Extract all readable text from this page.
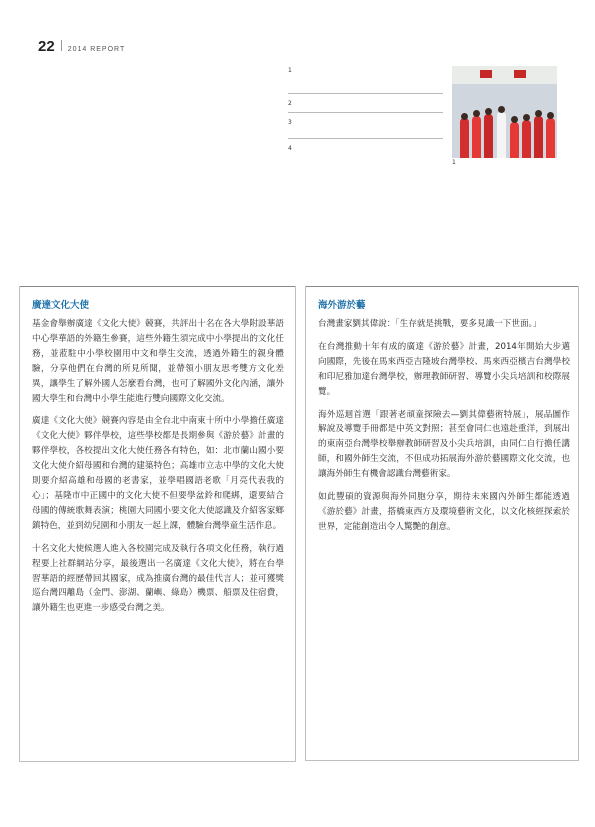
22 2014 REPORT
1
2
3
4
1
廣達文化大使

基金會舉辦廣達《文化大使》競賽，共評出十名在各大學附設華語中心學華語的外籍生參賽，這些外籍生須完成中小學提出的文化任務，並蒞駐中小學校園用中文和學生交流，透過外籍生的親身體驗，分享他們在台灣的所見所聞，並帶領小朋友思考雙方文化差異，讓學生了解外國人怎麼看台灣，也可了解國外文化內涵，讓外國大學生和台灣中小學生能進行雙向國際文化交流。

廣達《文化大使》競賽內容是由全台北中南東十所中小學擔任廣達《文化大使》夥伴學校，這些學校都是長期參與《游於藝》計畫的夥伴學校，各校提出文化大使任務各有特色，如：北市蘭山國小要文化大使介紹母國和台灣的建築特色；高雄市立志中學的文化大使則要介紹高雄和母國的老書家，並學唱國語老歌「月亮代表我的心」；基隆市中正國中的文化大使不但要學盆鈴和爬綁，還要結合母國的傳統歌舞表演；桃園大同國小要文化大使認識及介紹客家鄉鎮特色，並到幼兒園和小朋友一起上課，體驗台灣學童生活作息。

十名文化大使候選人進入各校園完成及執行各項文化任務，執行過程要上社群網站分享，最後選出一名廣達《文化大使》，將在台學習華語的經歷帶回其國家，成為推廣台灣的最佳代言人；並可獲獎巡台灣四離島（金門、澎湖、蘭嶼、綠島）機票、船票及住宿費，讓外籍生也更進一步感受台灣之美。

海外游於藝

台灣畫家劉其偉說：「生存就是挑戰，要多見識一下世面。」

在台灣推動十年有成的廣達《游於藝》計畫，2014年開始大步邁向國際，先後在馬來西亞吉隆坡台灣學校、馬來西亞檳吉台灣學校和印尼雅加達台灣學校，辦理教師研習、導覽小尖兵培訓和校際展覽。

海外巡迴首選「跟著老頑童探險去—劉其偉藝術特展」，展品圖作解說及導覽手冊都是中英文對照；甚至會同仁也遠赴重洋，到展出的東南亞台灣學校舉辦教師研習及小尖兵培訓，由同仁自行擔任講師，和國外師生交流，不但成功拓展海外游於藝國際文化交流，也讓海外師生有機會認識台灣藝術家。

如此豐碩的資源與海外同胞分享，期待未來國內外師生都能透過《游於藝》計畫，搭橋東西方及環境藝術文化，以文化核經探索於世界，定能創造出令人驚艷的創意。
